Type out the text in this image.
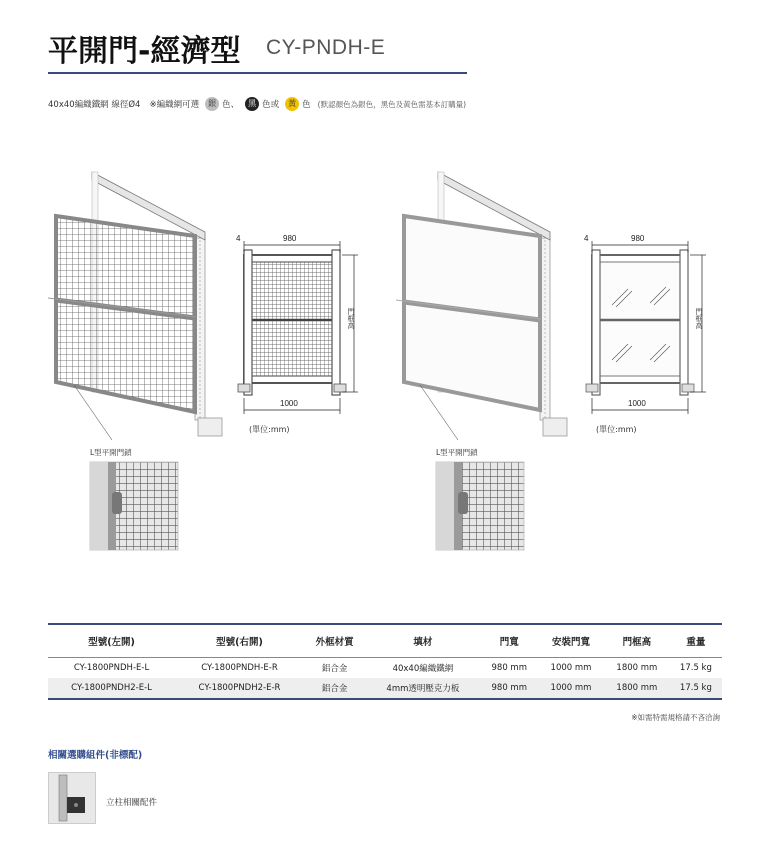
平開門-經濟型 CY-PNDH-E
40x40編織鐵網 線徑Ø4 ※編織網可選	銀 色、	黑 色或	黃 色 (默認顏色為銀色，黑色及黃色需基本訂購量)
4	980
1000
門框高
(單位:mm)
L型平開門鎖
4	980
1000
門框高
(單位:mm)
L型平開門鎖
型號(左開)	型號(右開)	外框材質	填材	門寬	安裝門寬	門框高	重量
CY-1800PNDH-E-L	CY-1800PNDH-E-R	鋁合金	40x40編織鐵網	980 mm	1000 mm	1800 mm	17.5 kg
CY-1800PNDH2-E-L	CY-1800PNDH2-E-R	鋁合金	4mm透明壓克力板	980 mm	1000 mm	1800 mm	17.5 kg
※如需特需規格請不吝洽詢
相關選購組件(非標配)
立柱相關配件
